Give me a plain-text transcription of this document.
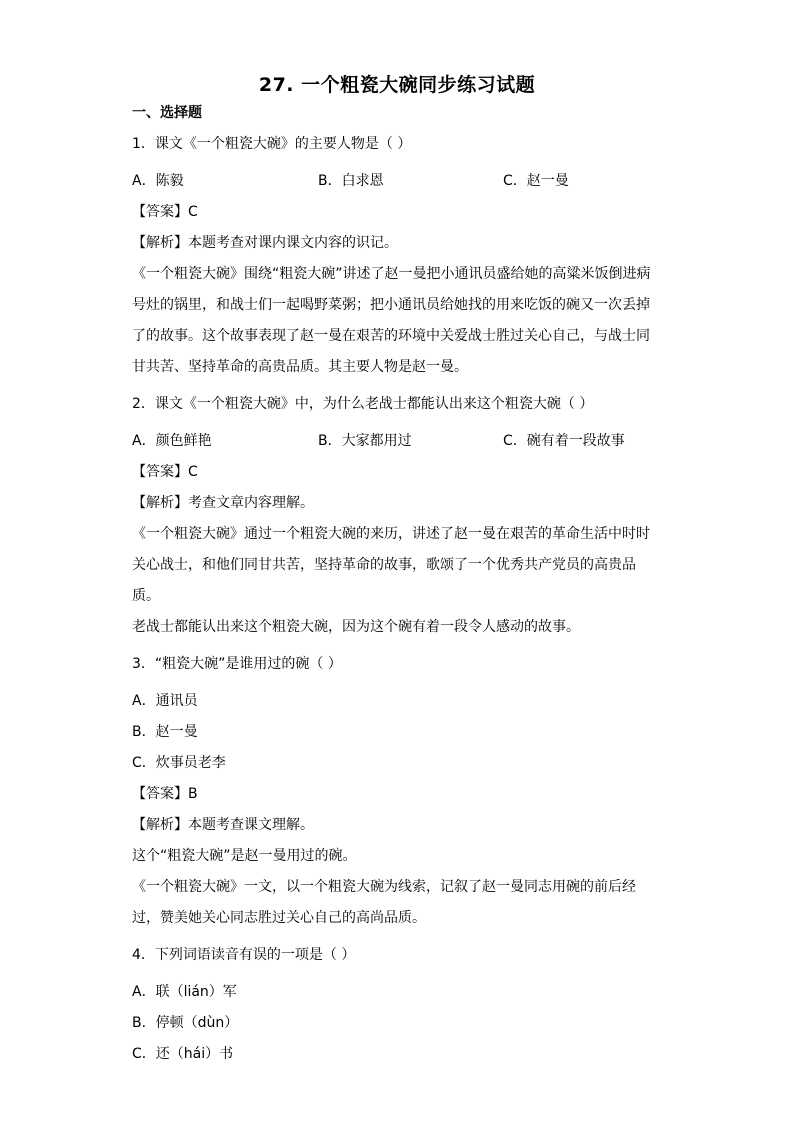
27. 一个粗瓷大碗同步练习试题
一、选择题
1．课文《一个粗瓷大碗》的主要人物是（ ）
A．陈毅	B．白求恩	C．赵一曼
【答案】C
【解析】本题考查对课内课文内容的识记。
《一个粗瓷大碗》围绕“粗瓷大碗”讲述了赵一曼把小通讯员盛给她的高粱米饭倒进病
号灶的锅里，和战士们一起喝野菜粥；把小通讯员给她找的用来吃饭的碗又一次丢掉
了的故事。这个故事表现了赵一曼在艰苦的环境中关爱战士胜过关心自己，与战士同
甘共苦、坚持革命的高贵品质。其主要人物是赵一曼。
2．课文《一个粗瓷大碗》中，为什么老战士都能认出来这个粗瓷大碗（ ）
A．颜色鲜艳	B．大家都用过	C．碗有着一段故事
【答案】C
【解析】考查文章内容理解。
《一个粗瓷大碗》通过一个粗瓷大碗的来历，讲述了赵一曼在艰苦的革命生活中时时
关心战士，和他们同甘共苦，坚持革命的故事，歌颂了一个优秀共产党员的高贵品
质。
老战士都能认出来这个粗瓷大碗，因为这个碗有着一段令人感动的故事。
3．“粗瓷大碗”是谁用过的碗（ ）
A．通讯员
B．赵一曼
C．炊事员老李
【答案】B
【解析】本题考查课文理解。
这个“粗瓷大碗”是赵一曼用过的碗。
《一个粗瓷大碗》一文，以一个粗瓷大碗为线索，记叙了赵一曼同志用碗的前后经
过，赞美她关心同志胜过关心自己的高尚品质。
4．下列词语读音有误的一项是（ ）
A．联（lián）军
B．停顿（dùn）
C．还（hái）书
